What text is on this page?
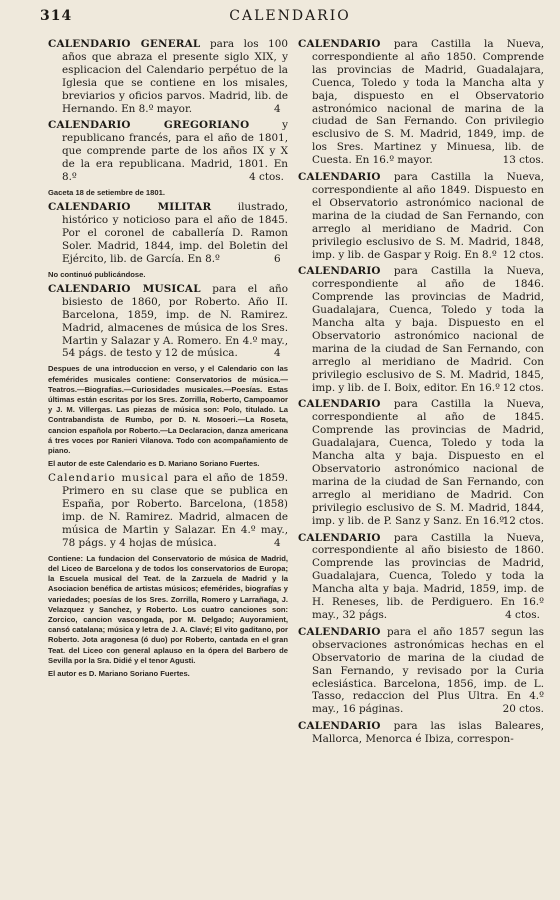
314	CALENDARIO
CALENDARIO GENERAL para los 100 años que abraza el presente siglo XIX, y esplicacion del Calendario perpétuo de la Iglesia que se contiene en los misales, breviarios y oficios parvos. Madrid, lib. de Hernando. En 8.º mayor.	4
CALENDARIO GREGORIANO y republicano francés, para el año de 1801, que comprende parte de los años IX y X de la era republicana. Madrid, 1801. En 8.º	4 ctos.

Gaceta 18 de setiembre de 1801.

CALENDARIO MILITAR ilustrado, histórico y noticioso para el año de 1845. Por el coronel de caballería D. Ramon Soler. Madrid, 1844, imp. del Boletin del Ejército, lib. de García. En 8.º	6

No continuó publicándose.

CALENDARIO MUSICAL para el año bisiesto de 1860, por Roberto. Año II. Barcelona, 1859, imp. de N. Ramirez. Madrid, almacenes de música de los Sres. Martin y Salazar y A. Romero. En 4.º may., 54 págs. de testo y 12 de música.	4

Despues de una introduccion en verso, y el Calendario con las efemérides musicales contiene: Conservatorios de música.—Teatros.—Biografías.—Curiosidades musicales.—Poesías. Estas últimas están escritas por los Sres. Zorrilla, Roberto, Campoamor y J. M. Villergas. Las piezas de música son: Polo, titulado. La Contrabandista de Rumbo, por D. N. Mosoeri.—La Roseta, cancion española por Roberto.—La Declaracion, danza americana á tres voces por Ranieri Vilanova. Todo con acompañamiento de piano.

El autor de este Calendario es D. Mariano Soriano Fuertes.

Calendario musical para el año de 1859. Primero en su clase que se publica en España, por Roberto. Barcelona, (1858) imp. de N. Ramirez. Madrid, almacen de música de Martin y Salazar. En 4.º may., 78 págs. y 4 hojas de música.	4

Contiene: La fundacion del Conservatorio de música de Madrid, del Liceo de Barcelona y de todos los conservatorios de Europa; la Escuela musical del Teat. de la Zarzuela de Madrid y la Asociacion benéfica de artistas músicos; efemérides, biografías y variedades; poesías de los Sres. Zorrilla, Romero y Larrañaga, J. Velazquez y Sanchez, y Roberto. Los cuatro canciones son: Zorcico, cancion vascongada, por M. Delgado; Auyoramient, cansó catalana; música y letra de J. A. Clavé; El vito gaditano, por Roberto. Jota aragonesa (ó duo) por Roberto, cantada en el gran Teat. del Liceo con general aplauso en la ópera del Barbero de Sevilla por la Sra. Didié y el tenor Agusti.

El autor es D. Mariano Soriano Fuertes.

CALENDARIO para Castilla la Nueva, correspondiente al año 1850. Comprende las provincias de Madrid, Guadalajara, Cuenca, Toledo y toda la Mancha alta y baja, dispuesto en el Observatorio astronómico nacional de marina de la ciudad de San Fernando. Con privilegio esclusivo de S. M. Madrid, 1849, imp. de los Sres. Martinez y Minuesa, lib. de Cuesta. En 16.º mayor.	13 ctos.
CALENDARIO para Castilla la Nueva, correspondiente al año 1849. Dispuesto en el Observatorio astronómico nacional de marina de la ciudad de San Fernando, con arreglo al meridiano de Madrid. Con privilegio esclusivo de S. M. Madrid, 1848, imp. y lib. de Gaspar y Roig. En 8.º 12 ctos.
CALENDARIO para Castilla la Nueva, correspondiente al año de 1846. Comprende las provincias de Madrid, Guadalajara, Cuenca, Toledo y toda la Mancha alta y baja. Dispuesto en el Observatorio astronómico nacional de marina de la ciudad de San Fernando, con arreglo al meridiano de Madrid. Con privilegio esclusivo de S. M. Madrid, 1845, imp. y lib. de I. Boix, editor. En 16.º 12 ctos.
CALENDARIO para Castilla la Nueva, correspondiente al año de 1845. Comprende las provincias de Madrid, Guadalajara, Cuenca, Toledo y toda la Mancha alta y baja. Dispuesto en el Observatorio astronómico nacional de marina de la ciudad de San Fernando, con arreglo al meridiano de Madrid. Con privilegio esclusivo de S. M. Madrid, 1844, imp. y lib. de P. Sanz y Sanz. En 16.º
12 ctos.
CALENDARIO para Castilla la Nueva, correspondiente al año bisiesto de 1860. Comprende las provincias de Madrid, Guadalajara, Cuenca, Toledo y toda la Mancha alta y baja. Madrid, 1859, imp. de H. Reneses, lib. de Perdiguero. En 16.º may., 32 págs.	4 ctos.
CALENDARIO para el año 1857 segun las observaciones astronómicas hechas en el Observatorio de marina de la ciudad de San Fernando, y revisado por la Curia eclesiástica. Barcelona, 1856, imp. de L. Tasso, redaccion del Plus Ultra. En 4.º may., 16 páginas.	20 ctos.
CALENDARIO para las islas Baleares, Mallorca, Menorca é Ibiza, correspon-
